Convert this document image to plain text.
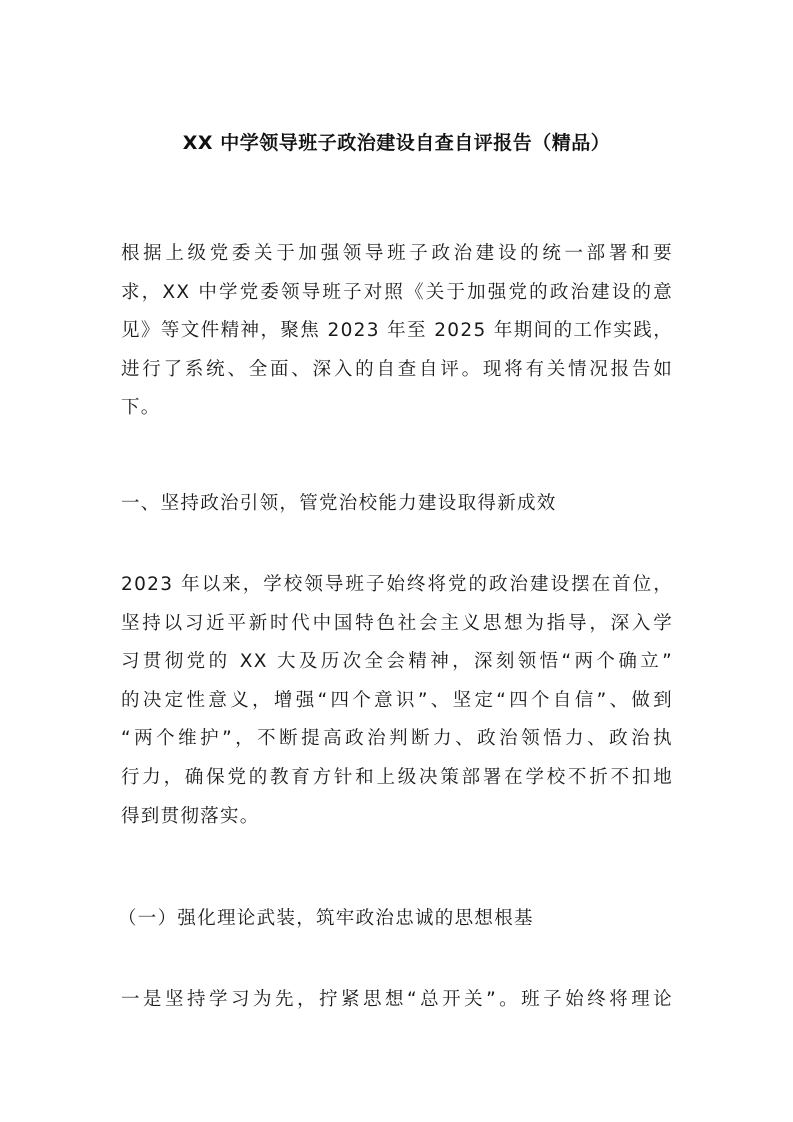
XX 中学领导班子政治建设自查自评报告（精品）
根据上级党委关于加强领导班子政治建设的统一部署和要
求，XX 中学党委领导班子对照《关于加强党的政治建设的意
见》等文件精神，聚焦 2023 年至 2025 年期间的工作实践，
进行了系统、全面、深入的自查自评。现将有关情况报告如
下。
一、坚持政治引领，管党治校能力建设取得新成效
2023 年以来，学校领导班子始终将党的政治建设摆在首位，
坚持以习近平新时代中国特色社会主义思想为指导，深入学
习贯彻党的 XX 大及历次全会精神，深刻领悟“两个确立”
的决定性意义，增强“四个意识”、坚定“四个自信”、做到
“两个维护”，不断提高政治判断力、政治领悟力、政治执
行力，确保党的教育方针和上级决策部署在学校不折不扣地
得到贯彻落实。
（一）强化理论武装，筑牢政治忠诚的思想根基
一是坚持学习为先，拧紧思想“总开关”。班子始终将理论
